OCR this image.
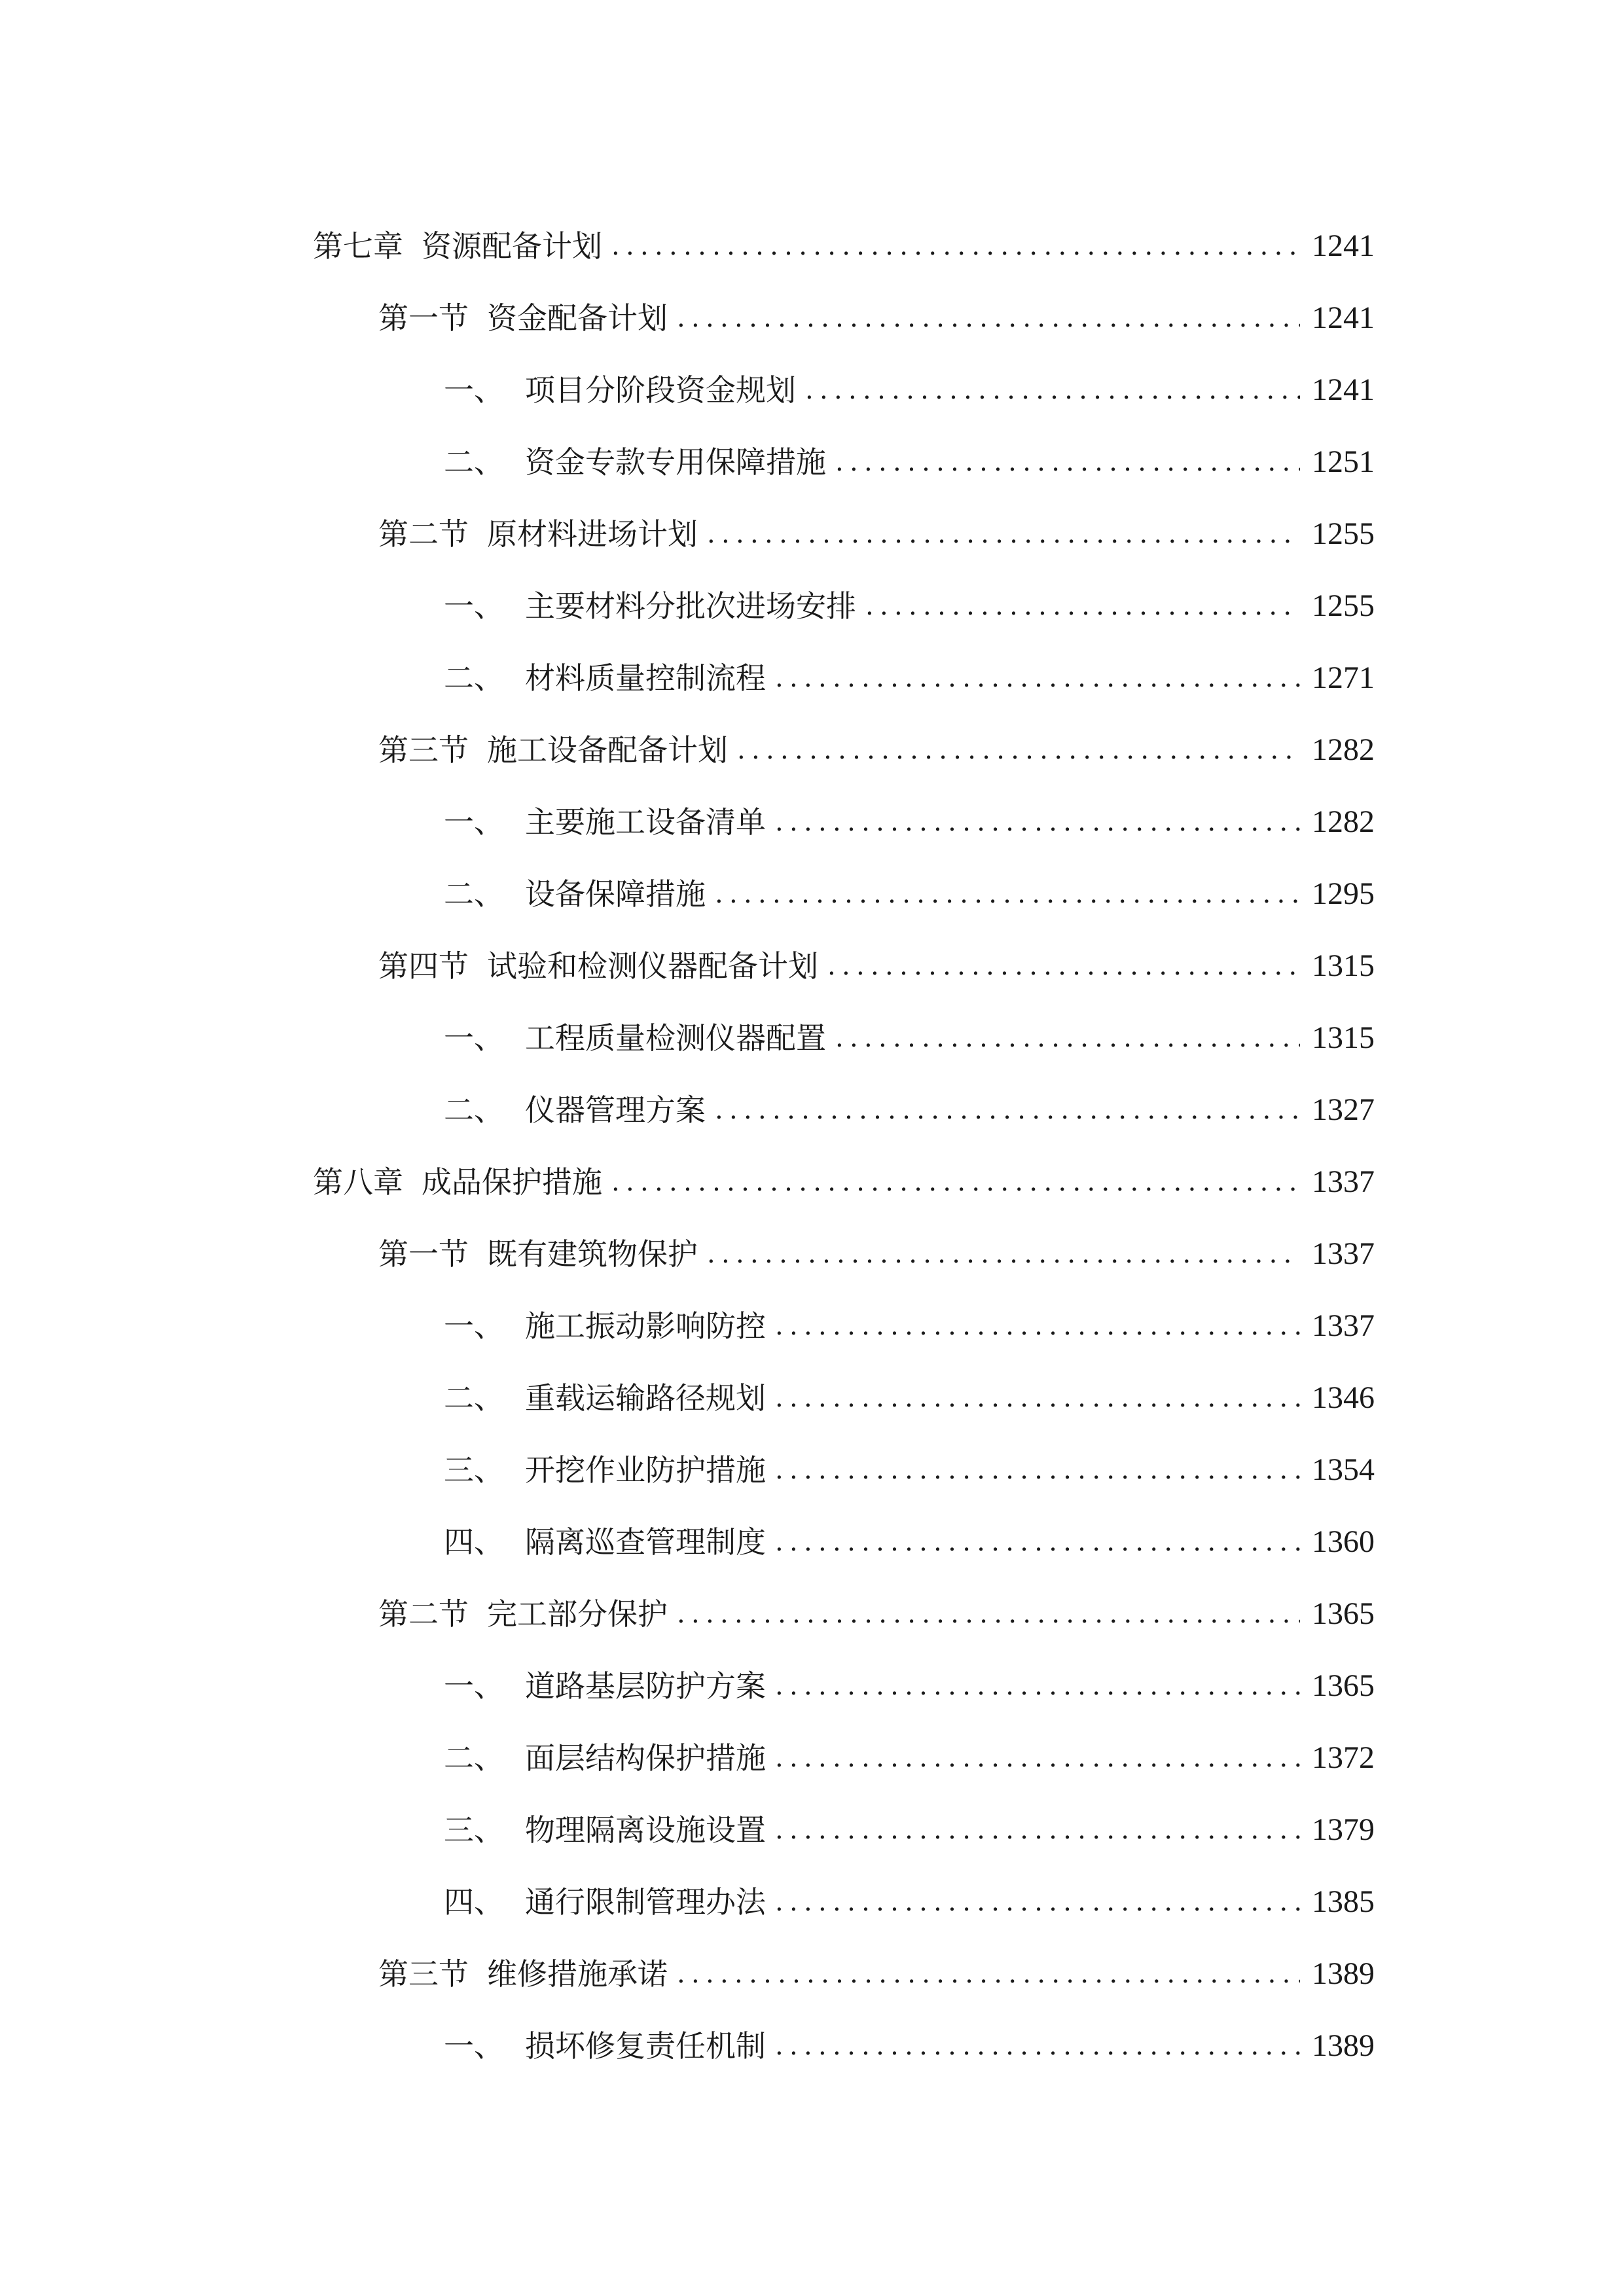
第七章 资源配备计划 .....	1241
第一节 资金配备计划 .....	1241
一、 项目分阶段资金规划 .....	1241
二、 资金专款专用保障措施 .....	1251
第二节 原材料进场计划 .....	1255
一、 主要材料分批次进场安排 .....	1255
二、 材料质量控制流程 .....	1271
第三节 施工设备配备计划 .....	1282
一、 主要施工设备清单 .....	1282
二、 设备保障措施 .....	1295
第四节 试验和检测仪器配备计划 .....	1315
一、 工程质量检测仪器配置 .....	1315
二、 仪器管理方案 .....	1327
第八章 成品保护措施 .....	1337
第一节 既有建筑物保护 .....	1337
一、 施工振动影响防控 .....	1337
二、 重载运输路径规划 .....	1346
三、 开挖作业防护措施 .....	1354
四、 隔离巡查管理制度 .....	1360
第二节 完工部分保护 .....	1365
一、 道路基层防护方案 .....	1365
二、 面层结构保护措施 .....	1372
三、 物理隔离设施设置 .....	1379
四、 通行限制管理办法 .....	1385
第三节 维修措施承诺 .....	1389
一、 损坏修复责任机制 .....	1389
